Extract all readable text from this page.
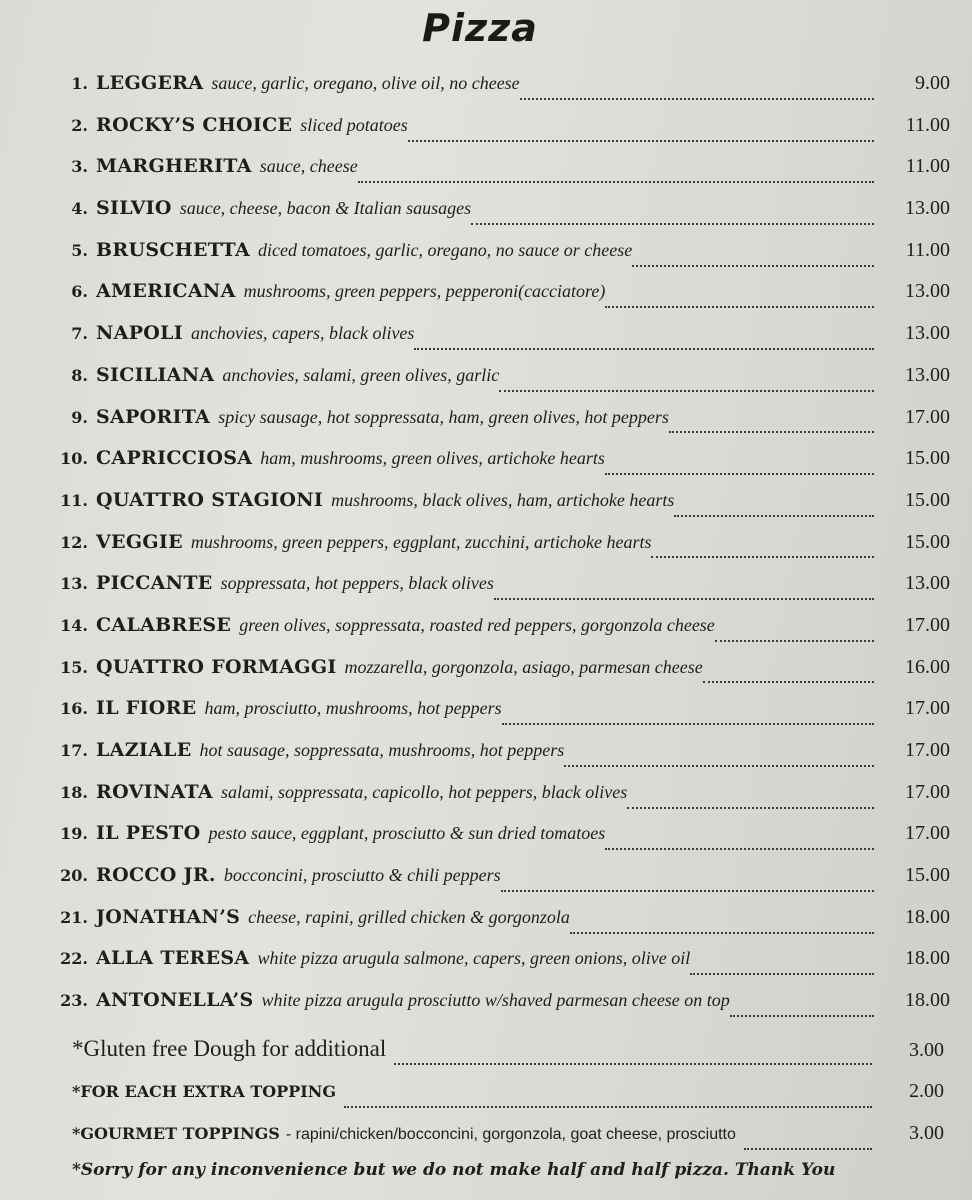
Pizza
1. LEGGERA sauce, garlic, oregano, olive oil, no cheese	9.00
2. ROCKY’S CHOICE sliced potatoes	11.00
3. MARGHERITA sauce, cheese	11.00
4. SILVIO sauce, cheese, bacon & Italian sausages	13.00
5. BRUSCHETTA diced tomatoes, garlic, oregano, no sauce or cheese	11.00
6. AMERICANA mushrooms, green peppers, pepperoni(cacciatore)	13.00
7. NAPOLI anchovies, capers, black olives	13.00
8. SICILIANA anchovies, salami, green olives, garlic	13.00
9. SAPORITA spicy sausage, hot soppressata, ham, green olives, hot peppers	17.00
10. CAPRICCIOSA ham, mushrooms, green olives, artichoke hearts	15.00
11. QUATTRO STAGIONI mushrooms, black olives, ham, artichoke hearts	15.00
12. VEGGIE mushrooms, green peppers, eggplant, zucchini, artichoke hearts	15.00
13. PICCANTE soppressata, hot peppers, black olives	13.00
14. CALABRESE green olives, soppressata, roasted red peppers, gorgonzola cheese	17.00
15. QUATTRO FORMAGGI mozzarella, gorgonzola, asiago, parmesan cheese	16.00
16. IL FIORE ham, prosciutto, mushrooms, hot peppers	17.00
17. LAZIALE hot sausage, soppressata, mushrooms, hot peppers	17.00
18. ROVINATA salami, soppressata, capicollo, hot peppers, black olives	17.00
19. IL PESTO pesto sauce, eggplant, prosciutto & sun dried tomatoes	17.00
20. ROCCO JR. bocconcini, prosciutto & chili peppers	15.00
21. JONATHAN’S cheese, rapini, grilled chicken & gorgonzola	18.00
22. ALLA TERESA white pizza arugula salmone, capers, green onions, olive oil	18.00
23. ANTONELLA’S white pizza arugula prosciutto w/shaved parmesan cheese on top	18.00
*Gluten free Dough for additional	3.00
*FOR EACH EXTRA TOPPING	2.00
*GOURMET TOPPINGS - rapini/chicken/bocconcini, gorgonzola, goat cheese, prosciutto	3.00
*Sorry for any inconvenience but we do not make half and half pizza. Thank You
